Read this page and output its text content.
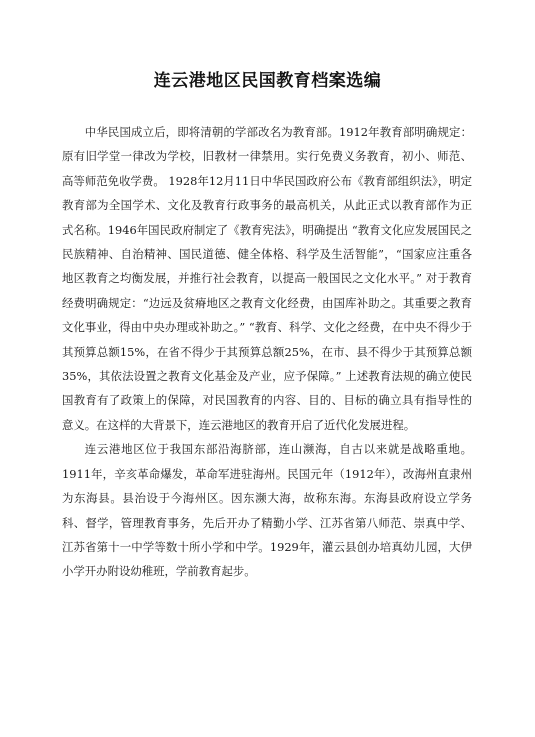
连云港地区民国教育档案选编

中华民国成立后，即将清朝的学部改名为教育部。1912年教育部明确规定：原有旧学堂一律改为学校，旧教材一律禁用。实行免费义务教育，初小、师范、高等师范免收学费。 1928年12月11日中华民国政府公布《教育部组织法》，明定教育部为全国学术、文化及教育行政事务的最高机关，从此正式以教育部作为正式名称。1946年国民政府制定了《教育宪法》，明确提出 “教育文化应发展国民之民族精神、自治精神、国民道德、健全体格、科学及生活智能”，“国家应注重各地区教育之均衡发展，并推行社会教育，以提高一般国民之文化水平。” 对于教育经费明确规定：“边远及贫瘠地区之教育文化经费，由国库补助之。其重要之教育文化事业，得由中央办理或补助之。” “教育、科学、文化之经费，在中央不得少于其预算总额15%，在省不得少于其预算总额25%，在市、县不得少于其预算总额 35%，其依法设置之教育文化基金及产业，应予保障。” 上述教育法规的确立使民国教育有了政策上的保障，对民国教育的内容、目的、目标的确立具有指导性的意义。在这样的大背景下，连云港地区的教育开启了近代化发展进程。

连云港地区位于我国东部沿海脐部，连山濒海，自古以来就是战略重地。1911年，辛亥革命爆发，革命军进驻海州。民国元年（1912年），改海州直隶州为东海县。县治设于今海州区。因东濒大海，故称东海。东海县政府设立学务科、督学，管理教育事务，先后开办了精勤小学、江苏省第八师范、崇真中学、江苏省第十一中学等数十所小学和中学。1929年，灌云县创办培真幼儿园，大伊小学开办附设幼稚班，学前教育起步。
